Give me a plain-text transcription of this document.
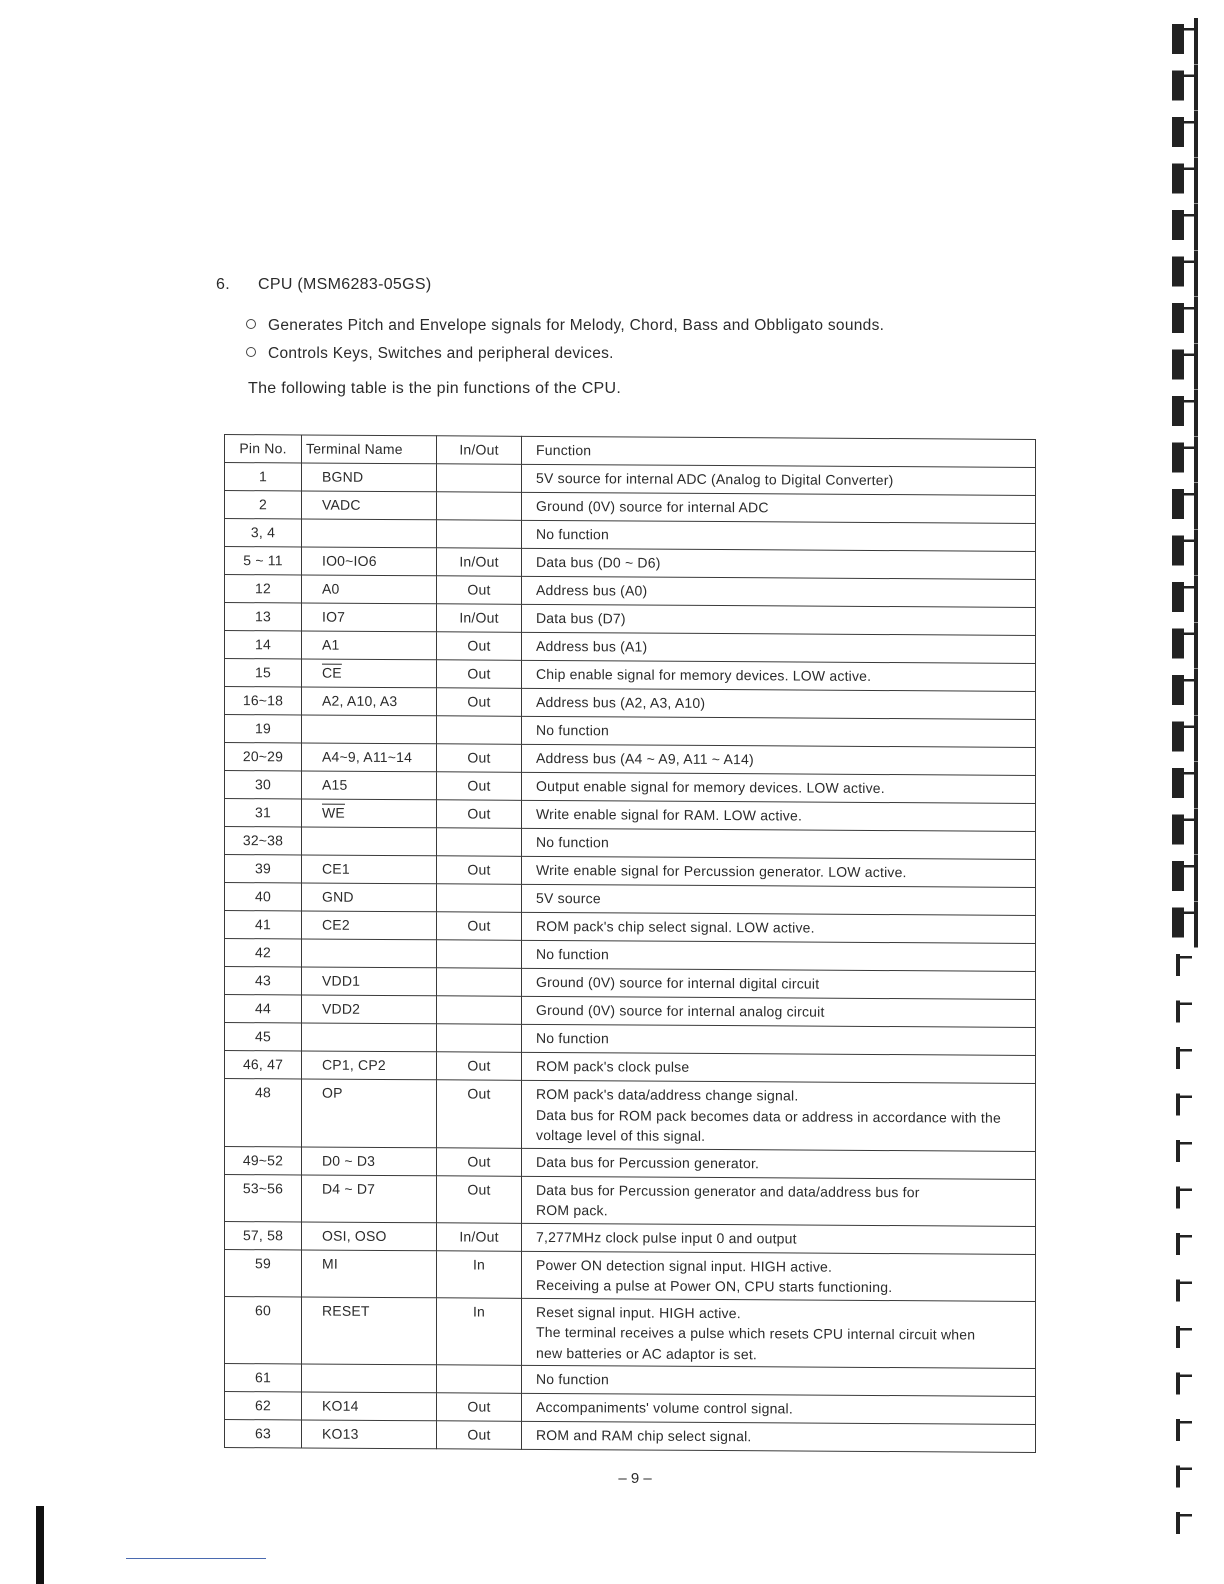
6. CPU (MSM6283-05GS)
Generates Pitch and Envelope signals for Melody, Chord, Bass and Obbligato sounds.
Controls Keys, Switches and peripheral devices.
The following table is the pin functions of the CPU.
Pin No.	Terminal Name	In/Out	Function
1	BGND		5V source for internal ADC (Analog to Digital Converter)

2	VADC		Ground (0V) source for internal ADC

3, 4			No function

5 ~ 11	IO0~IO6	In/Out	Data bus (D0 ~ D6)

12	A0	Out	Address bus (A0)

13	IO7	In/Out	Data bus (D7)

14	A1	Out	Address bus (A1)

15	$\overline{CE}$	Out	Chip enable signal for memory devices. LOW active.

16~18	A2, A10, A3	Out	Address bus (A2, A3, A10)

19			No function

20~29	A4~9, A11~14	Out	Address bus (A4 ~ A9, A11 ~ A14)

30	A15	Out	Output enable signal for memory devices. LOW active.

31	$\overline{WE}$	Out	Write enable signal for RAM. LOW active.

32~38			No function

39	CE1	Out	Write enable signal for Percussion generator. LOW active.

40	GND		5V source

41	CE2	Out	ROM pack's chip select signal. LOW active.

42			No function

43	VDD1		Ground (0V) source for internal digital circuit

44	VDD2		Ground (0V) source for internal analog circuit

45			No function

46, 47	CP1, CP2	Out	ROM pack's clock pulse

48	OP	Out	ROM pack's data/address change signal.
Data bus for ROM pack becomes data or address in accordance with the
voltage level of this signal.

49~52	D0 ~ D3	Out	Data bus for Percussion generator.

53~56	D4 ~ D7	Out	Data bus for Percussion generator and data/address bus for
ROM pack.

57, 58	OSI, OSO	In/Out	7,277MHz clock pulse input 0 and output

59	MI	In	Power ON detection signal input. HIGH active.
Receiving a pulse at Power ON, CPU starts functioning.

60	RESET	In	Reset signal input. HIGH active.
The terminal receives a pulse which resets CPU internal circuit when
new batteries or AC adaptor is set.

61			No function

62	KO14	Out	Accompaniments' volume control signal.

63	KO13	Out	ROM and RAM chip select signal.
– 9 –
